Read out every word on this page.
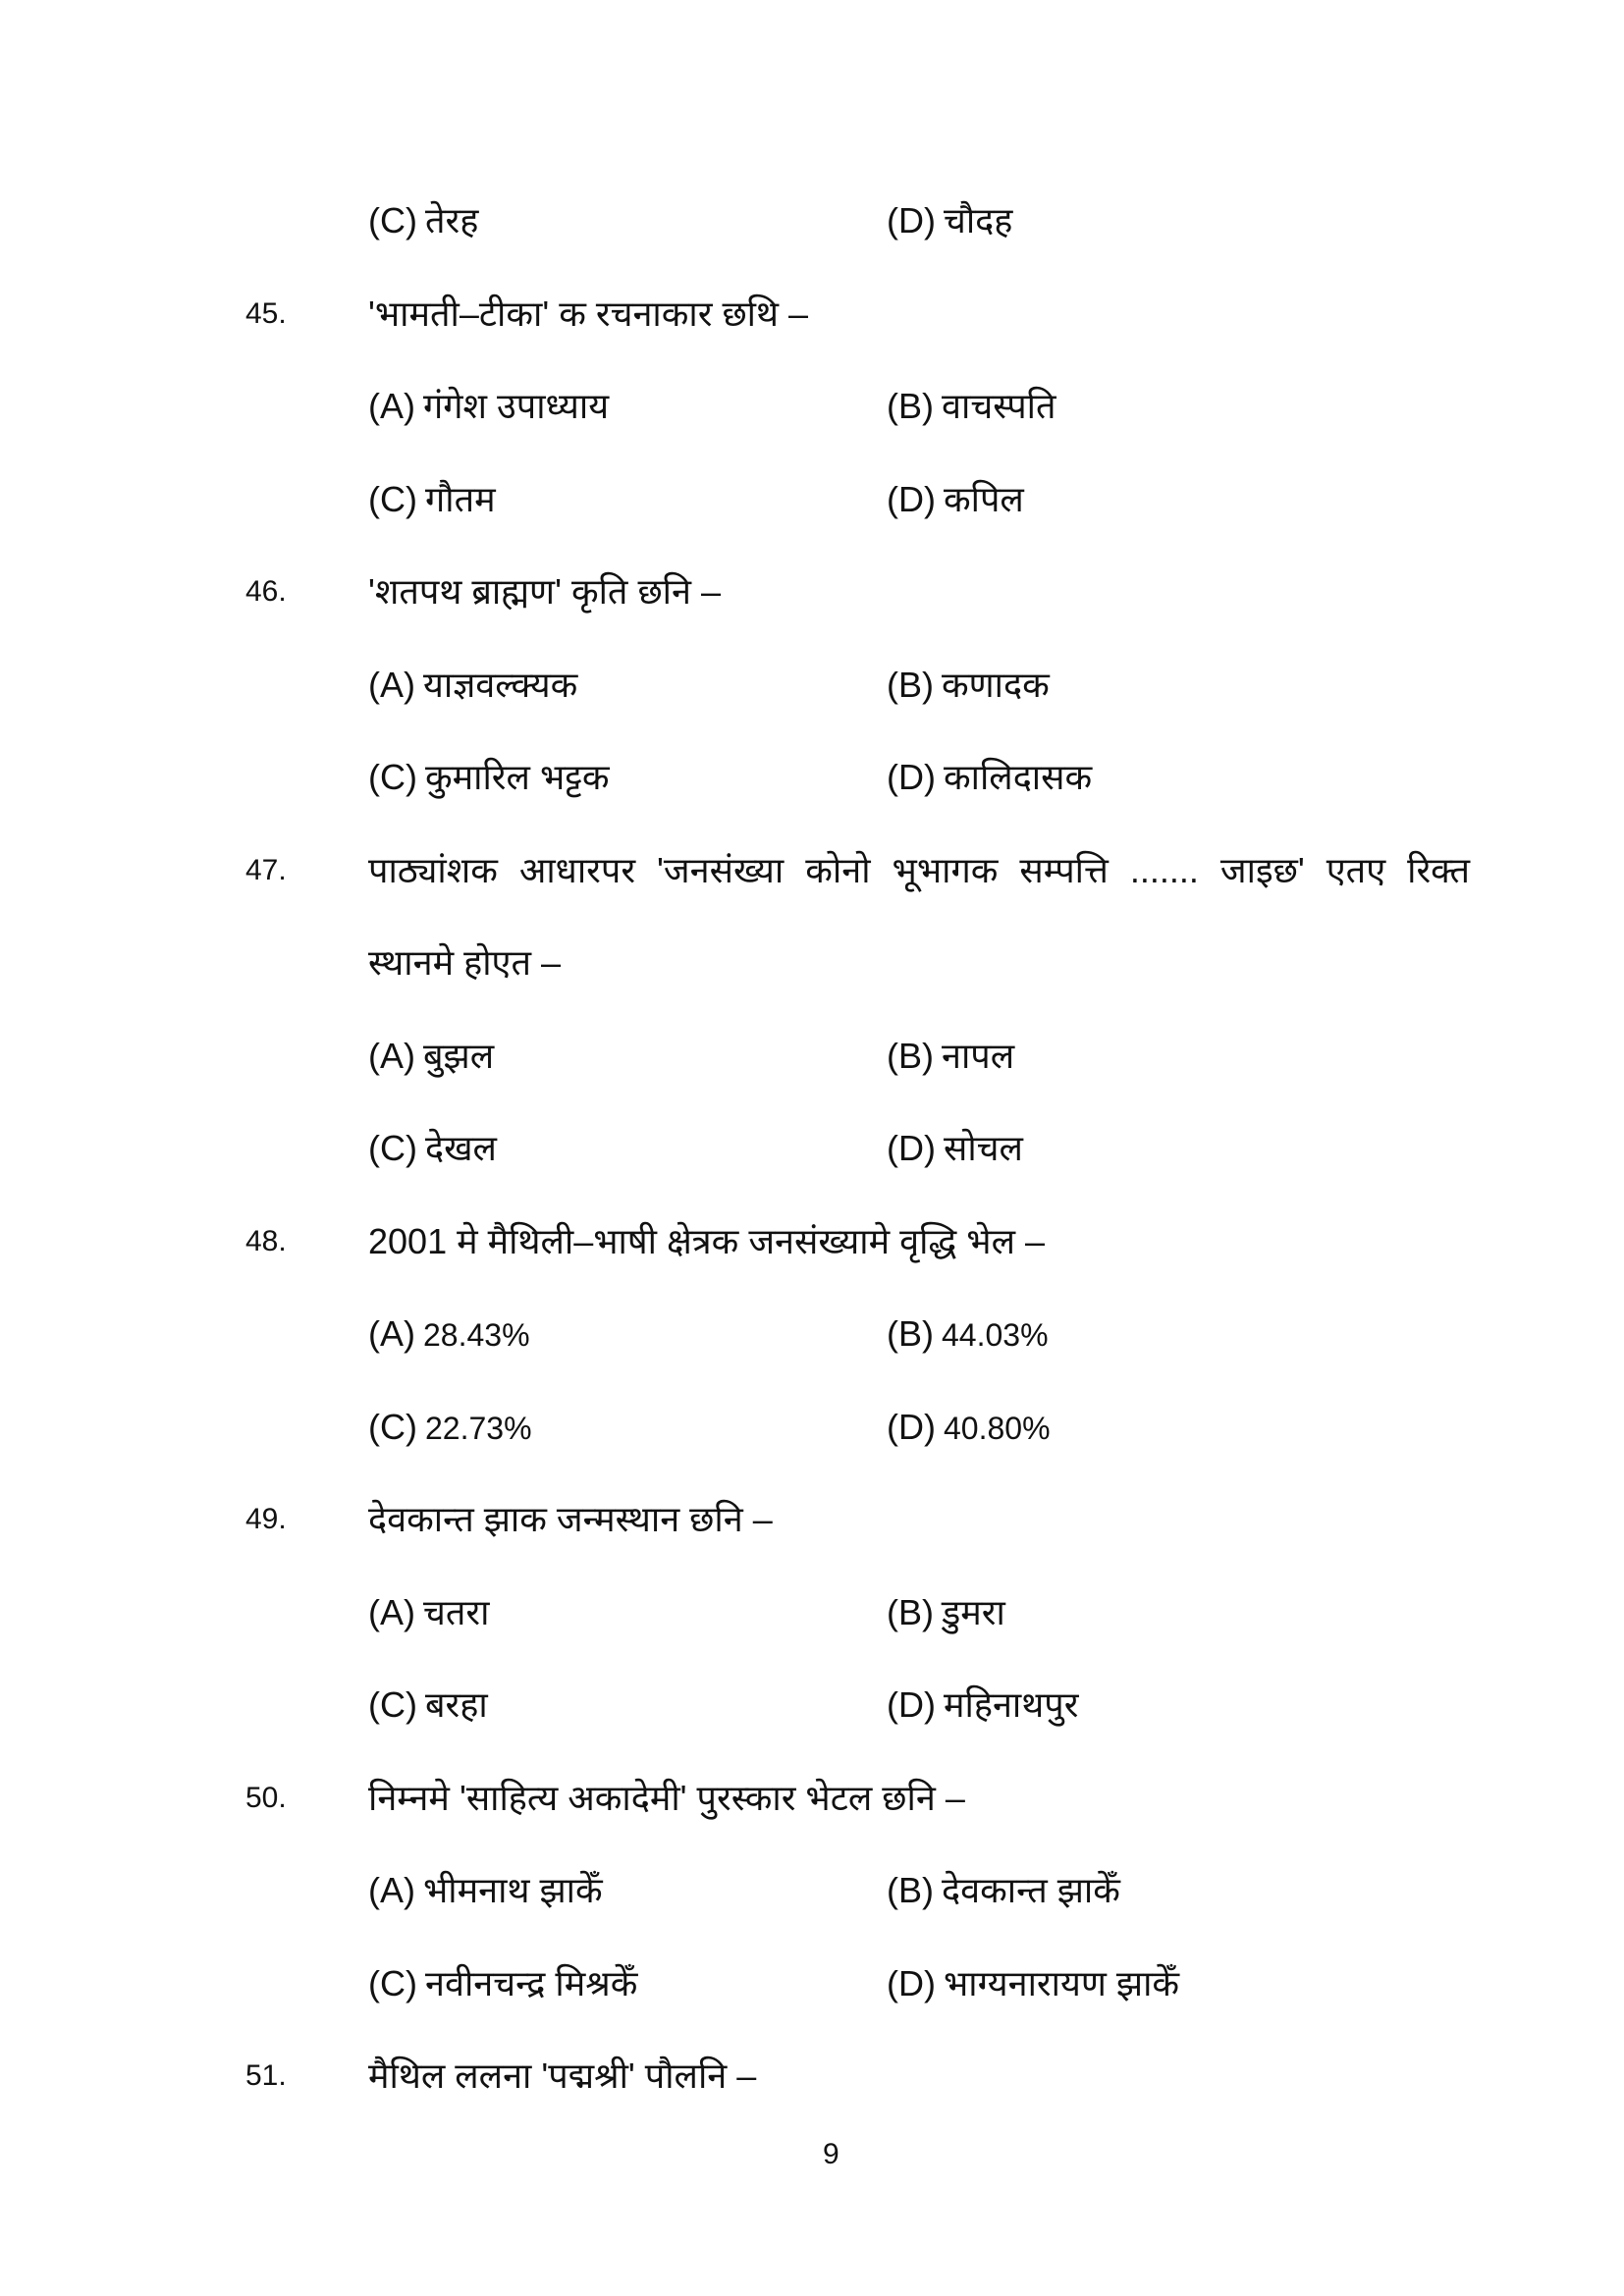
(C) तेरह	(D) चौदह
45. 'भामती–टीका' क रचनाकार छथि –
(A) गंगेश उपाध्याय	(B) वाचस्पति
(C) गौतम	(D) कपिल
46. 'शतपथ ब्राह्मण' कृति छनि –
(A) याज्ञवल्क्यक	(B) कणादक
(C) कुमारिल भट्टक	(D) कालिदासक
47. पाठ्यांशक आधारपर 'जनसंख्या कोनो भूभागक सम्पत्ति ....... जाइछ' एतए रिक्त
स्थानमे होएत –
(A) बुझल	(B) नापल
(C) देखल	(D) सोचल
48. 2001 मे मैथिली–भाषी क्षेत्रक जनसंख्यामे वृद्धि भेल –
(A) 28.43%	(B) 44.03%
(C) 22.73%	(D) 40.80%
49. देवकान्त झाक जन्मस्थान छनि –
(A) चतरा	(B) डुमरा
(C) बरहा	(D) महिनाथपुर
50. निम्नमे 'साहित्य अकादेमी' पुरस्कार भेटल छनि –
(A) भीमनाथ झाकेँ	(B) देवकान्त झाकेँ
(C) नवीनचन्द्र मिश्रकेँ	(D) भाग्यनारायण झाकेँ
51. मैथिल ललना 'पद्मश्री' पौलनि –
9
